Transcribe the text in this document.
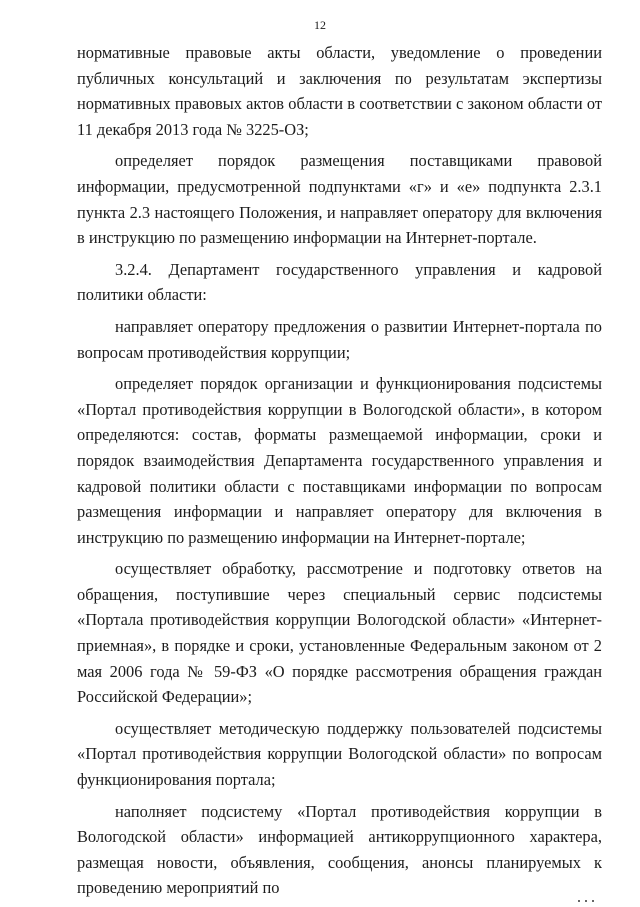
12

нормативные правовые акты области, уведомление о проведении публичных консультаций и заключения по результатам экспертизы нормативных правовых актов области в соответствии с законом области от 11 декабря 2013 года № 3225-ОЗ;

определяет порядок размещения поставщиками правовой информации, предусмотренной подпунктами «г» и «е» подпункта 2.3.1 пункта 2.3 настоящего Положения, и направляет оператору для включения в инструкцию по размещению информации на Интернет-портале.

3.2.4. Департамент государственного управления и кадровой политики области:

направляет оператору предложения о развитии Интернет-портала по вопросам противодействия коррупции;

определяет порядок организации и функционирования подсистемы «Портал противодействия коррупции в Вологодской области», в котором определяются: состав, форматы размещаемой информации, сроки и порядок взаимодействия Департамента государственного управления и кадровой политики области с поставщиками информации по вопросам размещения информации и направляет оператору для включения в инструкцию по размещению информации на Интернет-портале;

осуществляет обработку, рассмотрение и подготовку ответов на обращения, поступившие через специальный сервис подсистемы «Портала противодействия коррупции Вологодской области» «Интернет-приемная», в порядке и сроки, установленные Федеральным законом от 2 мая 2006 года № 59-ФЗ «О порядке рассмотрения обращения граждан Российской Федерации»;

осуществляет методическую поддержку пользователей подсистемы «Портал противодействия коррупции Вологодской области» по вопросам функционирования портала;

наполняет подсистему «Портал противодействия коррупции в Вологодской области» информацией антикоррупционного характера, размещая новости, объявления, сообщения, анонсы планируемых к проведению мероприятий по
